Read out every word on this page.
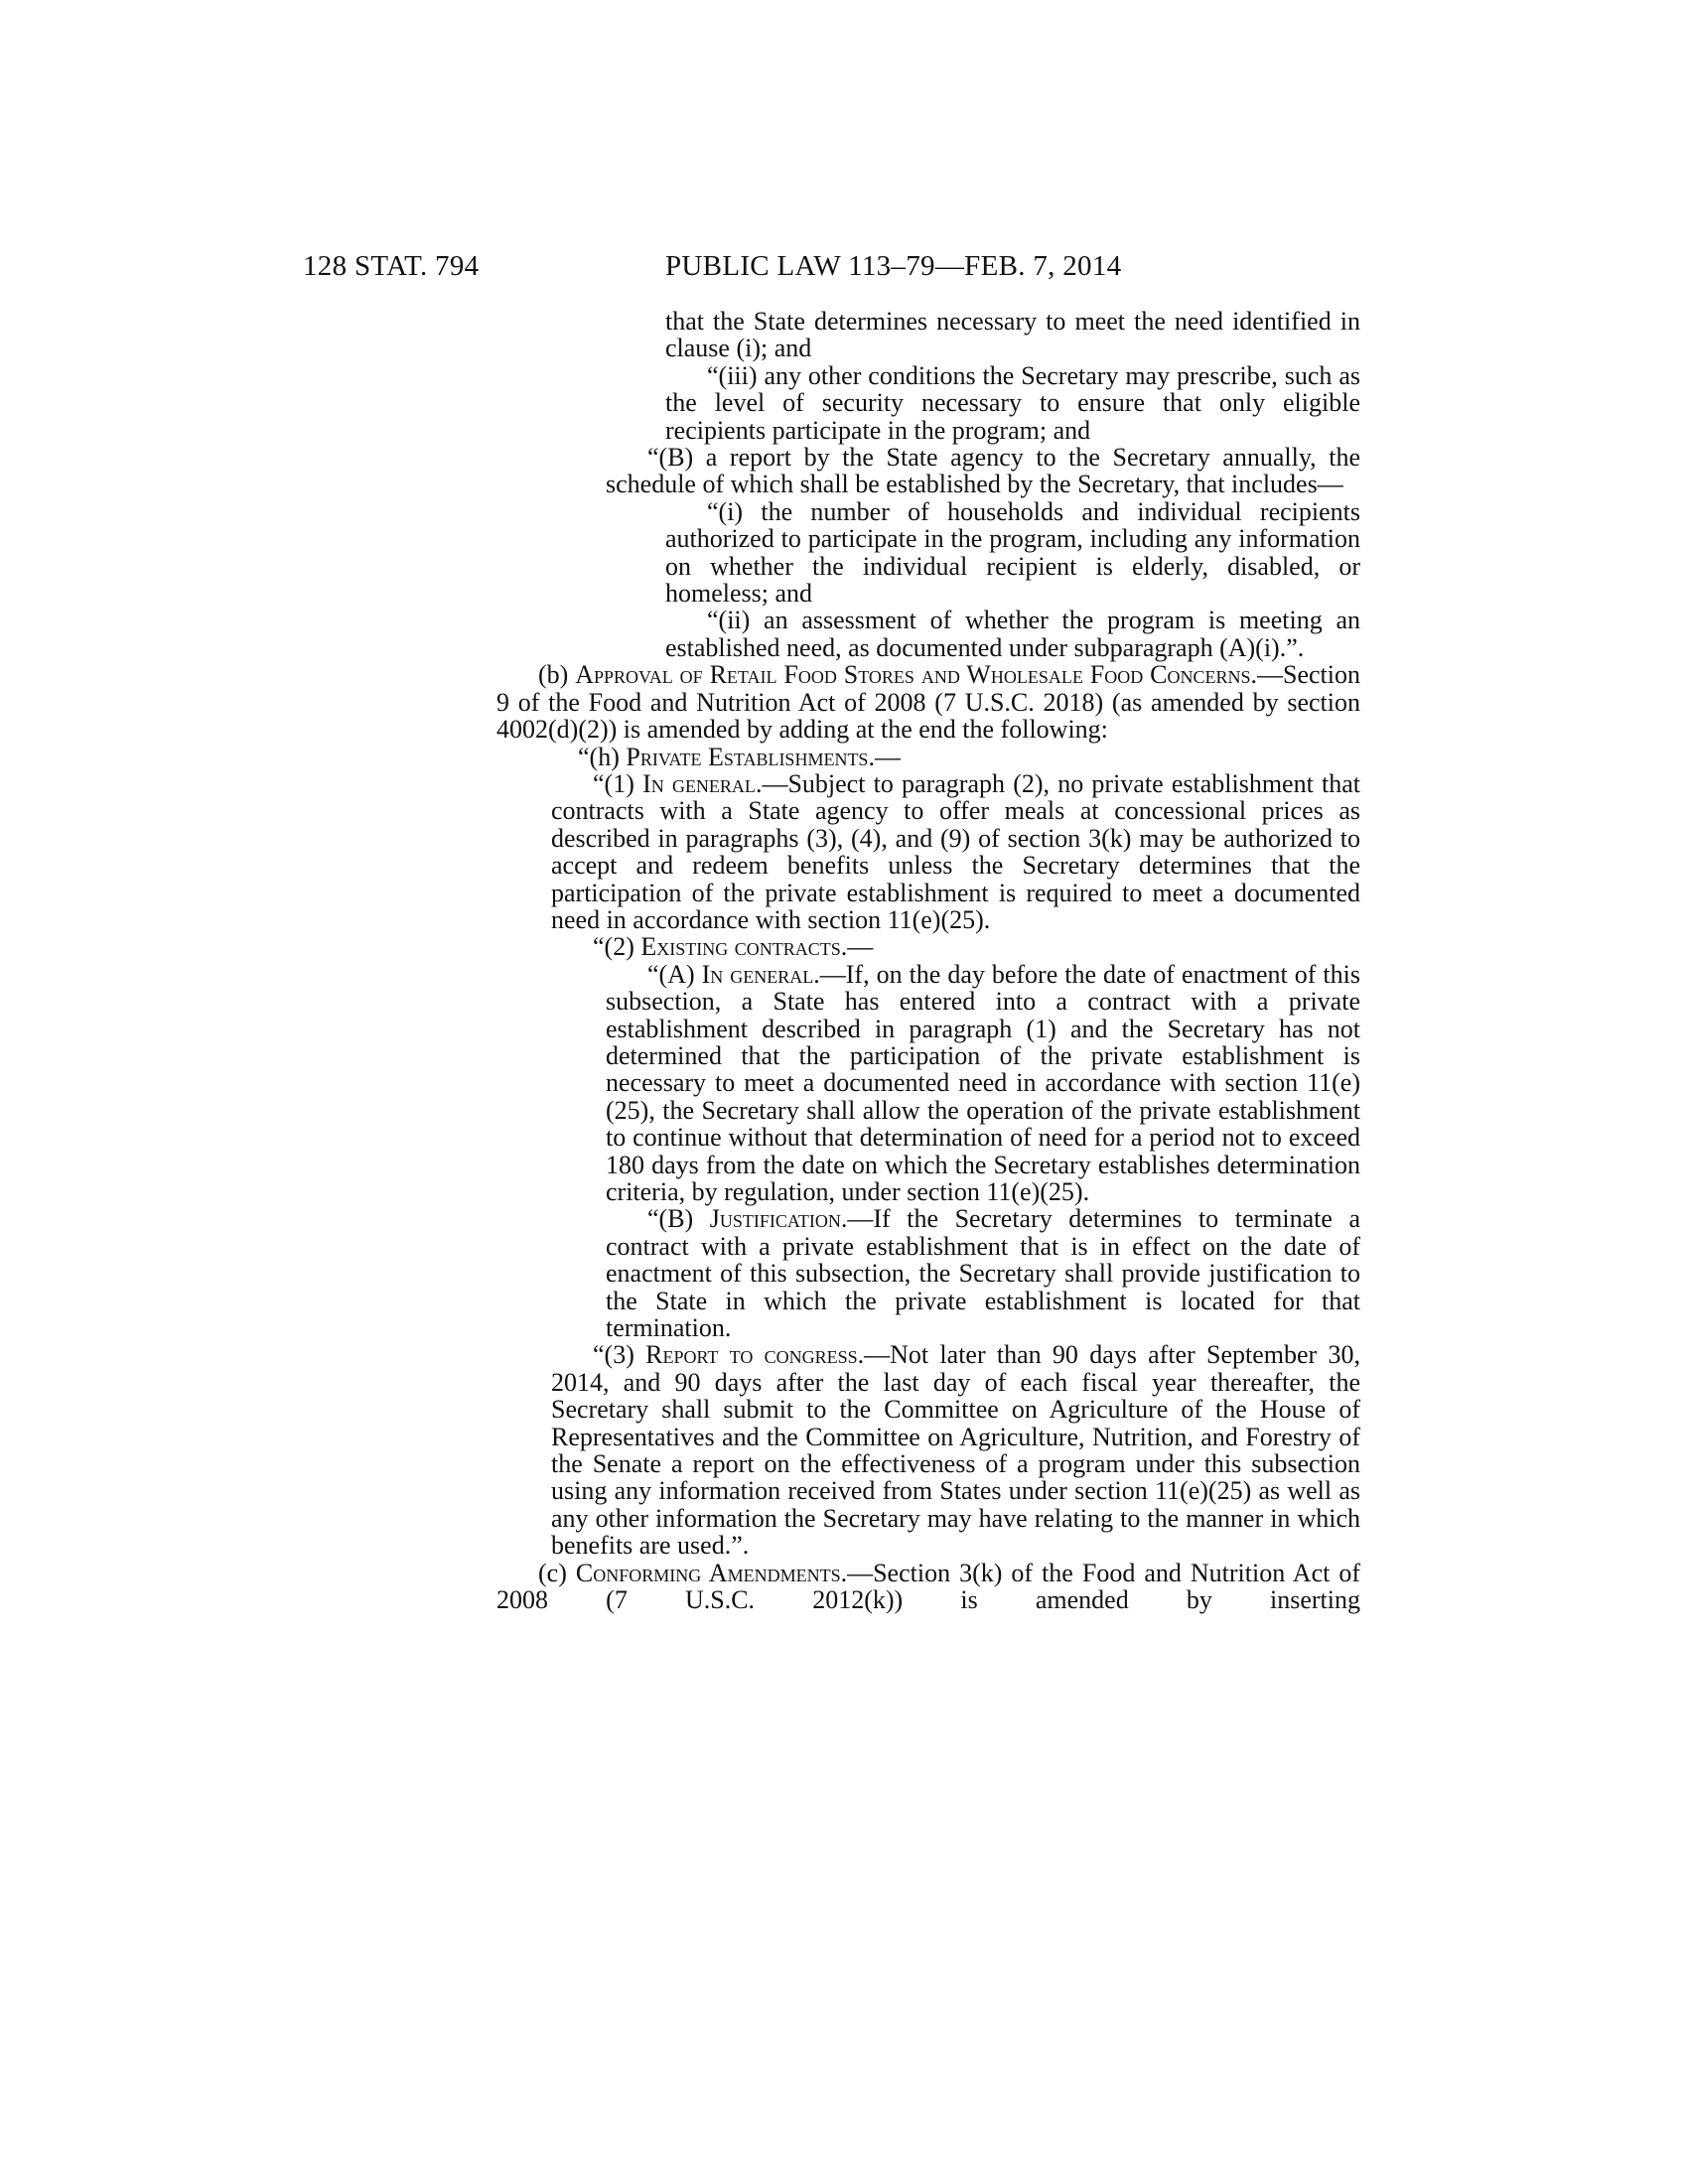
128 STAT. 794	PUBLIC LAW 113–79—FEB. 7, 2014

that the State determines necessary to meet the need identified in clause (i); and

“(iii) any other conditions the Secretary may prescribe, such as the level of security necessary to ensure that only eligible recipients participate in the program; and

“(B) a report by the State agency to the Secretary annually, the schedule of which shall be established by the Secretary, that includes—

“(i) the number of households and individual recipients authorized to participate in the program, including any information on whether the individual recipient is elderly, disabled, or homeless; and

“(ii) an assessment of whether the program is meeting an established need, as documented under subparagraph (A)(i).”.

(b) Approval of Retail Food Stores and Wholesale Food Concerns.—Section 9 of the Food and Nutrition Act of 2008 (7 U.S.C. 2018) (as amended by section 4002(d)(2)) is amended by adding at the end the following:

“(h) Private Establishments.—

“(1) In general.—Subject to paragraph (2), no private establishment that contracts with a State agency to offer meals at concessional prices as described in paragraphs (3), (4), and (9) of section 3(k) may be authorized to accept and redeem benefits unless the Secretary determines that the participation of the private establishment is required to meet a documented need in accordance with section 11(e)(25).

“(2) Existing contracts.—

“(A) In general.—If, on the day before the date of enactment of this subsection, a State has entered into a contract with a private establishment described in paragraph (1) and the Secretary has not determined that the participation of the private establishment is necessary to meet a documented need in accordance with section 11(e)(25), the Secretary shall allow the operation of the private establishment to continue without that determination of need for a period not to exceed 180 days from the date on which the Secretary establishes determination criteria, by regulation, under section 11(e)(25).

“(B) Justification.—If the Secretary determines to terminate a contract with a private establishment that is in effect on the date of enactment of this subsection, the Secretary shall provide justification to the State in which the private establishment is located for that termination.

“(3) Report to congress.—Not later than 90 days after September 30, 2014, and 90 days after the last day of each fiscal year thereafter, the Secretary shall submit to the Committee on Agriculture of the House of Representatives and the Committee on Agriculture, Nutrition, and Forestry of the Senate a report on the effectiveness of a program under this subsection using any information received from States under section 11(e)(25) as well as any other information the Secretary may have relating to the manner in which benefits are used.”.

(c) Conforming Amendments.—Section 3(k) of the Food and Nutrition Act of 2008 (7 U.S.C. 2012(k)) is amended by inserting
